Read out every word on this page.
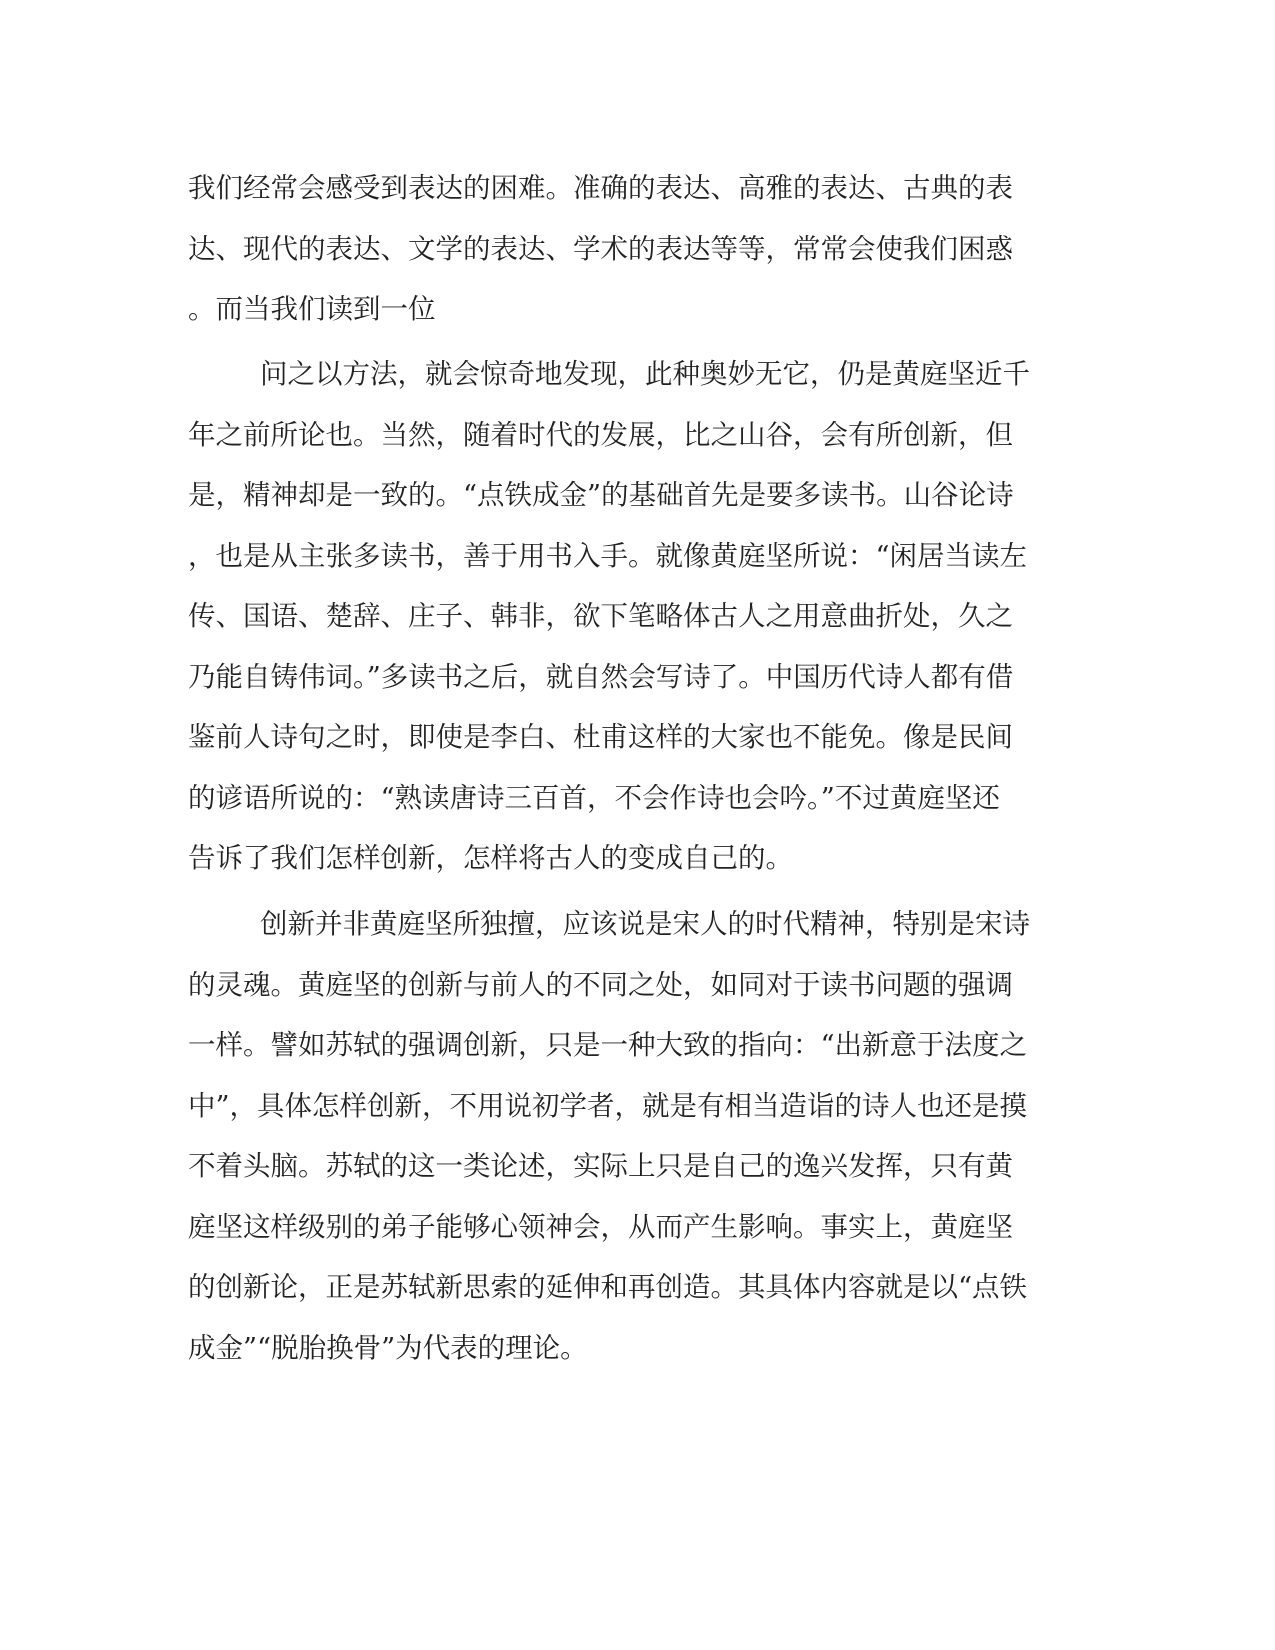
我们经常会感受到表达的困难。准确的表达、高雅的表达、古典的表
达、现代的表达、文学的表达、学术的表达等等，常常会使我们困惑
。而当我们读到一位
问之以方法，就会惊奇地发现，此种奥妙无它，仍是黄庭坚近千
年之前所论也。当然，随着时代的发展，比之山谷，会有所创新，但
是，精神却是一致的。“点铁成金”的基础首先是要多读书。山谷论诗
，也是从主张多读书，善于用书入手。就像黄庭坚所说：“闲居当读左
传、国语、楚辞、庄子、韩非，欲下笔略体古人之用意曲折处，久之
乃能自铸伟词。”多读书之后，就自然会写诗了。中国历代诗人都有借
鉴前人诗句之时，即使是李白、杜甫这样的大家也不能免。像是民间
的谚语所说的：“熟读唐诗三百首，不会作诗也会吟。”不过黄庭坚还
告诉了我们怎样创新，怎样将古人的变成自己的。
创新并非黄庭坚所独擅，应该说是宋人的时代精神，特别是宋诗
的灵魂。黄庭坚的创新与前人的不同之处，如同对于读书问题的强调
一样。譬如苏轼的强调创新，只是一种大致的指向：“出新意于法度之
中”，具体怎样创新，不用说初学者，就是有相当造诣的诗人也还是摸
不着头脑。苏轼的这一类论述，实际上只是自己的逸兴发挥，只有黄
庭坚这样级别的弟子能够心领神会，从而产生影响。事实上，黄庭坚
的创新论，正是苏轼新思索的延伸和再创造。其具体内容就是以“点铁
成金”“脱胎换骨”为代表的理论。
